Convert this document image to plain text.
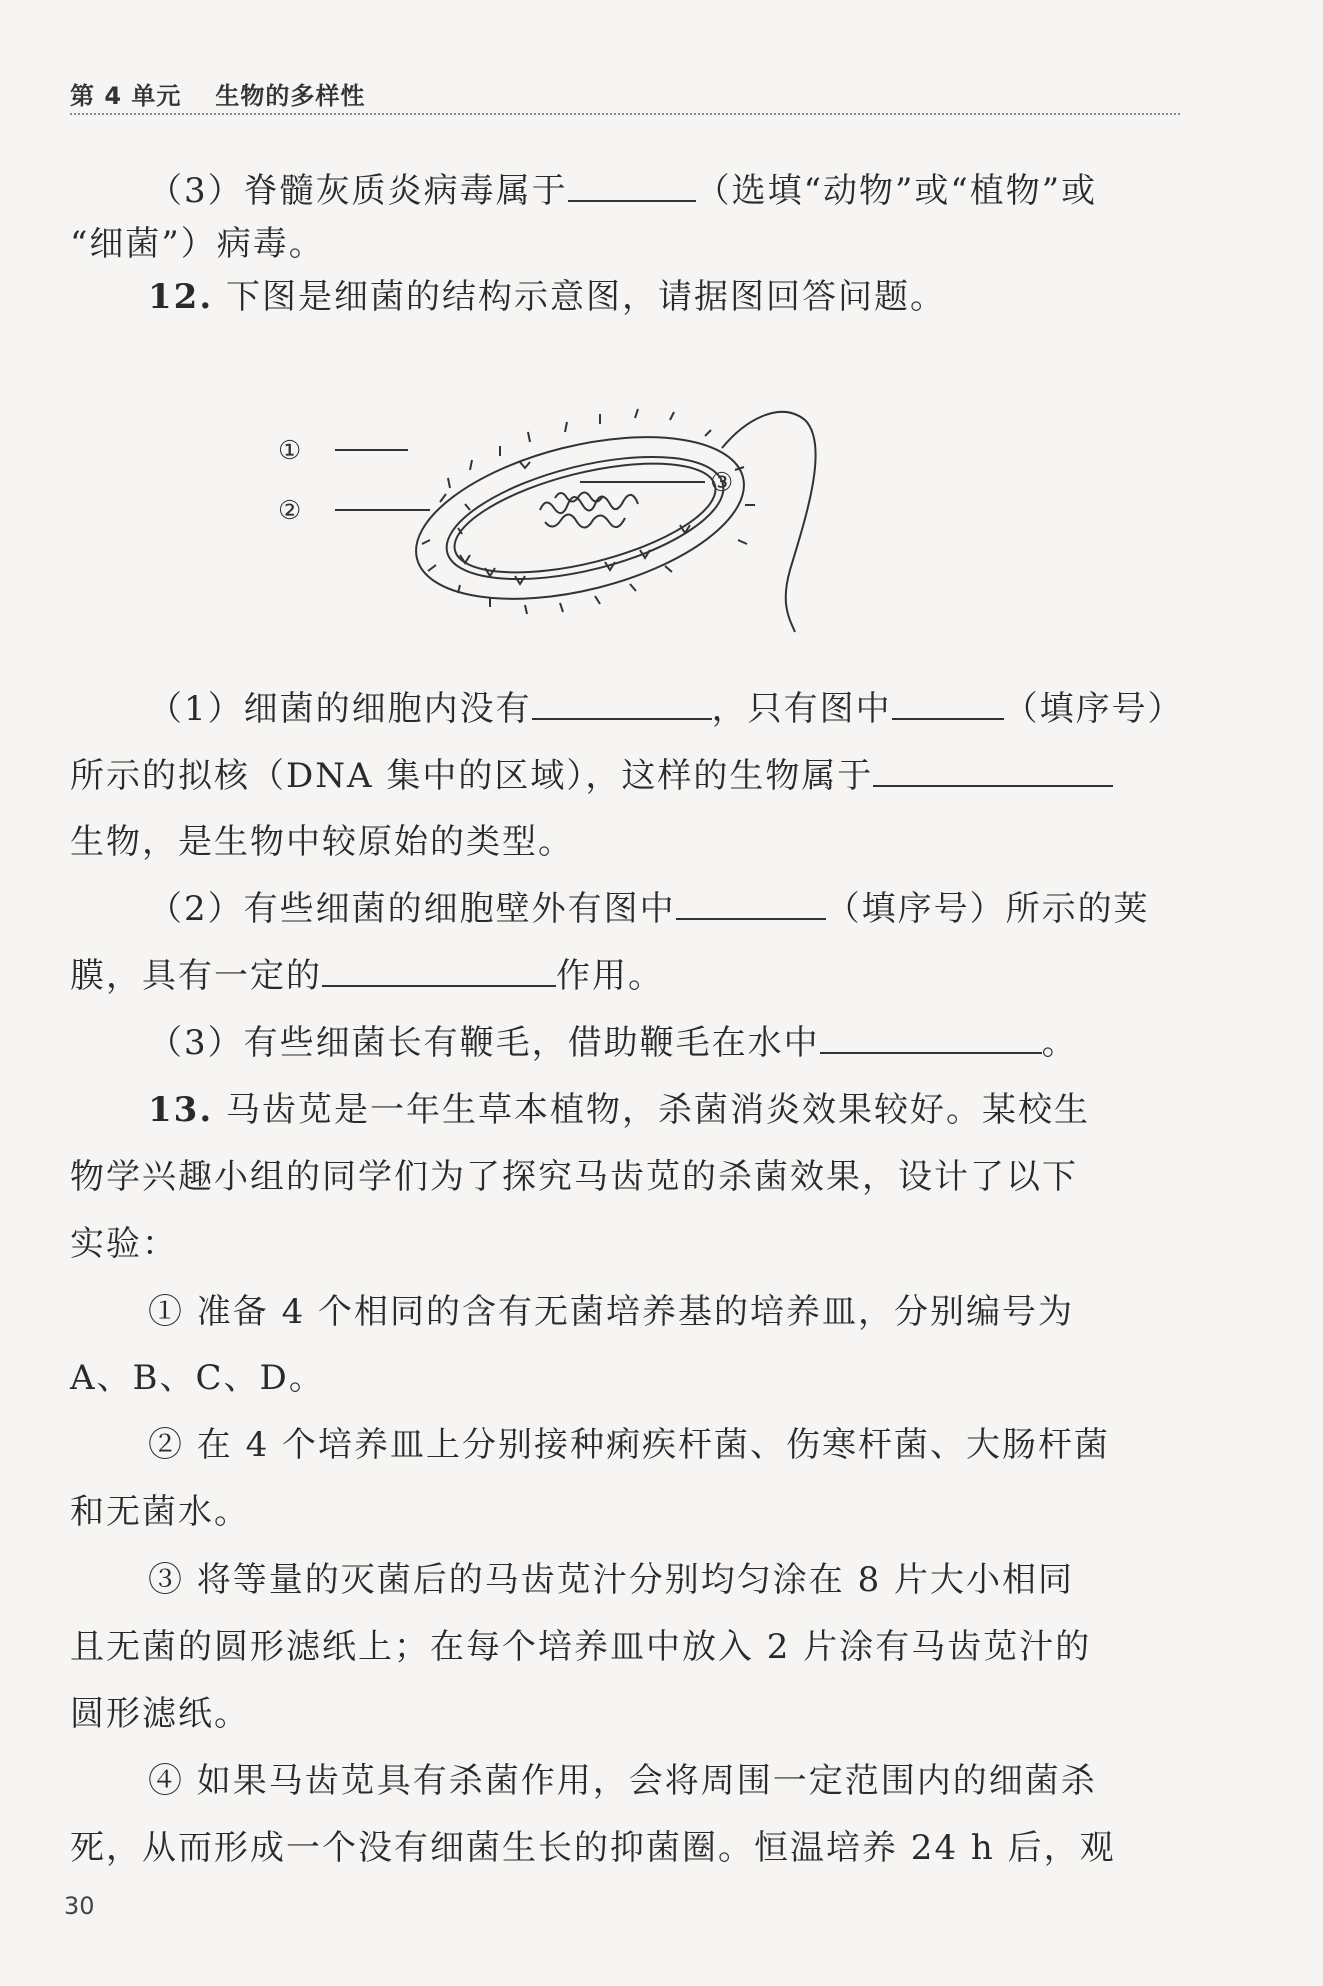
第 4 单元 生物的多样性
（3）脊髓灰质炎病毒属于	（选填“动物”或“植物”或
“细菌”）病毒。
12. 下图是细菌的结构示意图，请据图回答问题。
①
②
③
（1）细菌的细胞内没有	，只有图中	（填序号）
所示的拟核（DNA 集中的区域），这样的生物属于
生物，是生物中较原始的类型。
（2）有些细菌的细胞壁外有图中	（填序号）所示的荚
膜，具有一定的	作用。
（3）有些细菌长有鞭毛，借助鞭毛在水中	。
13. 马齿苋是一年生草本植物，杀菌消炎效果较好。某校生
物学兴趣小组的同学们为了探究马齿苋的杀菌效果，设计了以下
实验：
① 准备 4 个相同的含有无菌培养基的培养皿，分别编号为
A、B、C、D。
② 在 4 个培养皿上分别接种痢疾杆菌、伤寒杆菌、大肠杆菌
和无菌水。
③ 将等量的灭菌后的马齿苋汁分别均匀涂在 8 片大小相同
且无菌的圆形滤纸上；在每个培养皿中放入 2 片涂有马齿苋汁的
圆形滤纸。
④ 如果马齿苋具有杀菌作用，会将周围一定范围内的细菌杀
死，从而形成一个没有细菌生长的抑菌圈。恒温培养 24 h 后，观
30
